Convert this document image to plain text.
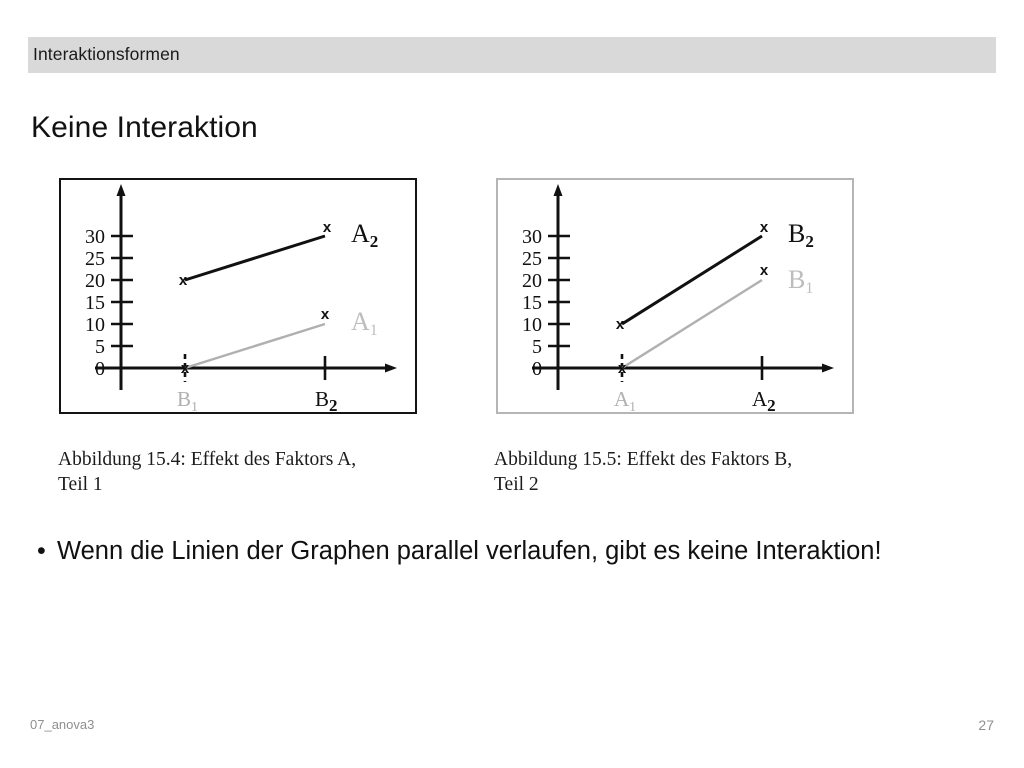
Interaktionsformen
Keine Interaktion
0
5
10
15
20
25
30
$B_1$	$B_2$
x
x A1
x
x A2
0
5
10
15
20
25
30
$A_1$	$A_2$
x
x B1
x
x B2
Abbildung 15.4: Effekt des Faktors A,
Teil 1
Abbildung 15.5: Effekt des Faktors B,
Teil 2
• Wenn die Linien der Graphen parallel verlaufen, gibt es keine Interaktion!
07_anova3	27
